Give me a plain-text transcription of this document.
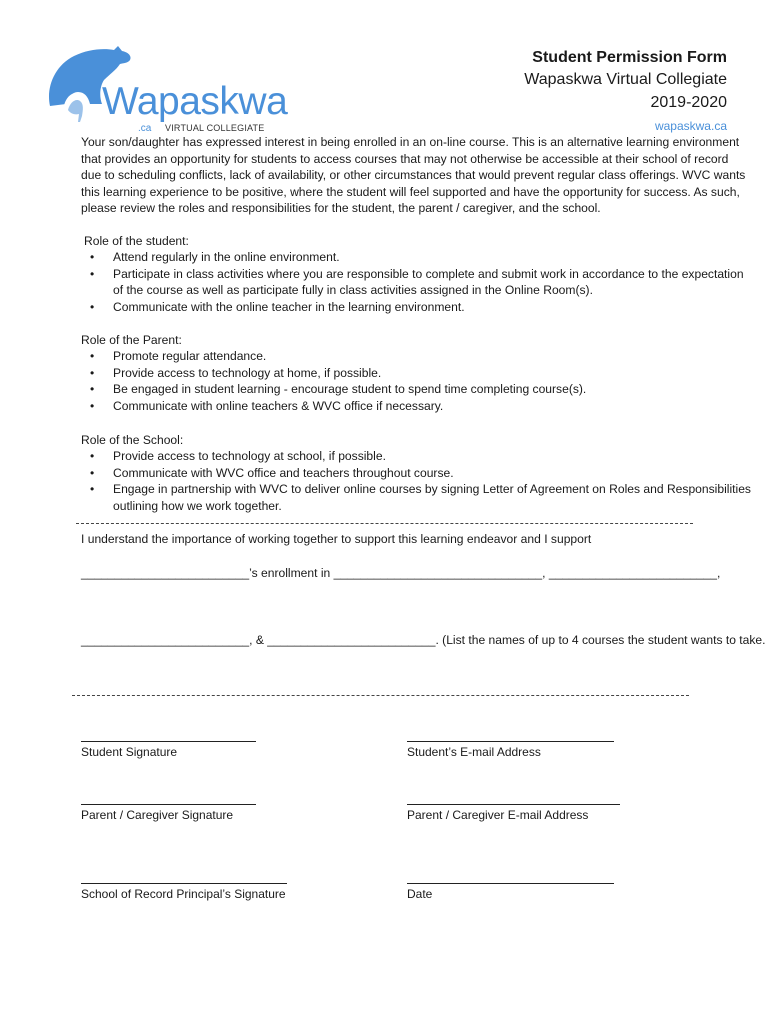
Wapaskwa
.ca VIRTUAL COLLEGIATE
Student Permission Form
Wapaskwa Virtual Collegiate
2019-2020
wapaskwa.ca
Your son/daughter has expressed interest in being enrolled in an on-line course. This is an alternative learning environment
that provides an opportunity for students to access courses that may not otherwise be accessible at their school of record
due to scheduling conflicts, lack of availability, or other circumstances that would prevent regular class offerings. WVC wants
this learning experience to be positive, where the student will feel supported and have the opportunity for success. As such,
please review the roles and responsibilities for the student, the parent / caregiver, and the school.
Role of the student:
• Attend regularly in the online environment.
• Participate in class activities where you are responsible to complete and submit work in accordance to the expectation
of the course as well as participate fully in class activities assigned in the Online Room(s).
• Communicate with the online teacher in the learning environment.
Role of the Parent:
• Promote regular attendance.
• Provide access to technology at home, if possible.
• Be engaged in student learning - encourage student to spend time completing course(s).
• Communicate with online teachers & WVC office if necessary.
Role of the School:
• Provide access to technology at school, if possible.
• Communicate with WVC office and teachers throughout course.
• Engage in partnership with WVC to deliver online courses by signing Letter of Agreement on Roles and Responsibilities
outlining how we work together.
I understand the importance of working together to support this learning endeavor and I support
_________________________’s enrollment in _______________________________, _________________________,
_________________________, & _________________________. (List the names of up to 4 courses the student wants to take.
Student Signature	Student’s E-mail Address
Parent / Caregiver Signature	Parent / Caregiver E-mail Address
School of Record Principal’s Signature	Date
